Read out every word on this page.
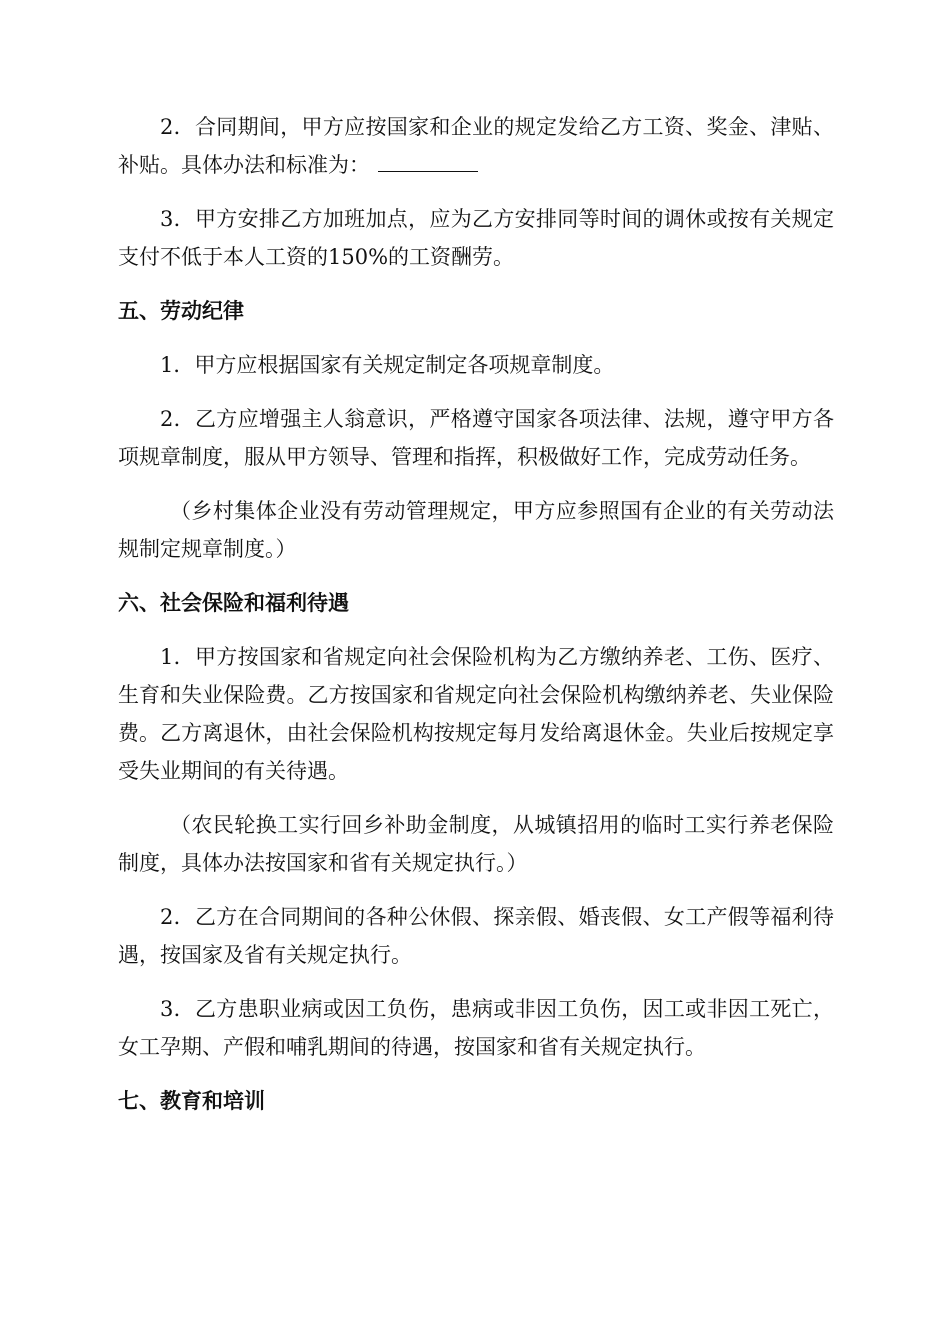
2．合同期间，甲方应按国家和企业的规定发给乙方工资、奖金、津贴、补贴。具体办法和标准为：

3．甲方安排乙方加班加点，应为乙方安排同等时间的调休或按有关规定支付不低于本人工资的150%的工资酬劳。

五、劳动纪律

1．甲方应根据国家有关规定制定各项规章制度。

2．乙方应增强主人翁意识，严格遵守国家各项法律、法规，遵守甲方各项规章制度，服从甲方领导、管理和指挥，积极做好工作，完成劳动任务。

（乡村集体企业没有劳动管理规定，甲方应参照国有企业的有关劳动法规制定规章制度。）

六、社会保险和福利待遇

1．甲方按国家和省规定向社会保险机构为乙方缴纳养老、工伤、医疗、生育和失业保险费。乙方按国家和省规定向社会保险机构缴纳养老、失业保险费。乙方离退休，由社会保险机构按规定每月发给离退休金。失业后按规定享受失业期间的有关待遇。

（农民轮换工实行回乡补助金制度，从城镇招用的临时工实行养老保险制度，具体办法按国家和省有关规定执行。）

2．乙方在合同期间的各种公休假、探亲假、婚丧假、女工产假等福利待遇，按国家及省有关规定执行。

3．乙方患职业病或因工负伤，患病或非因工负伤，因工或非因工死亡，女工孕期、产假和哺乳期间的待遇，按国家和省有关规定执行。

七、教育和培训
